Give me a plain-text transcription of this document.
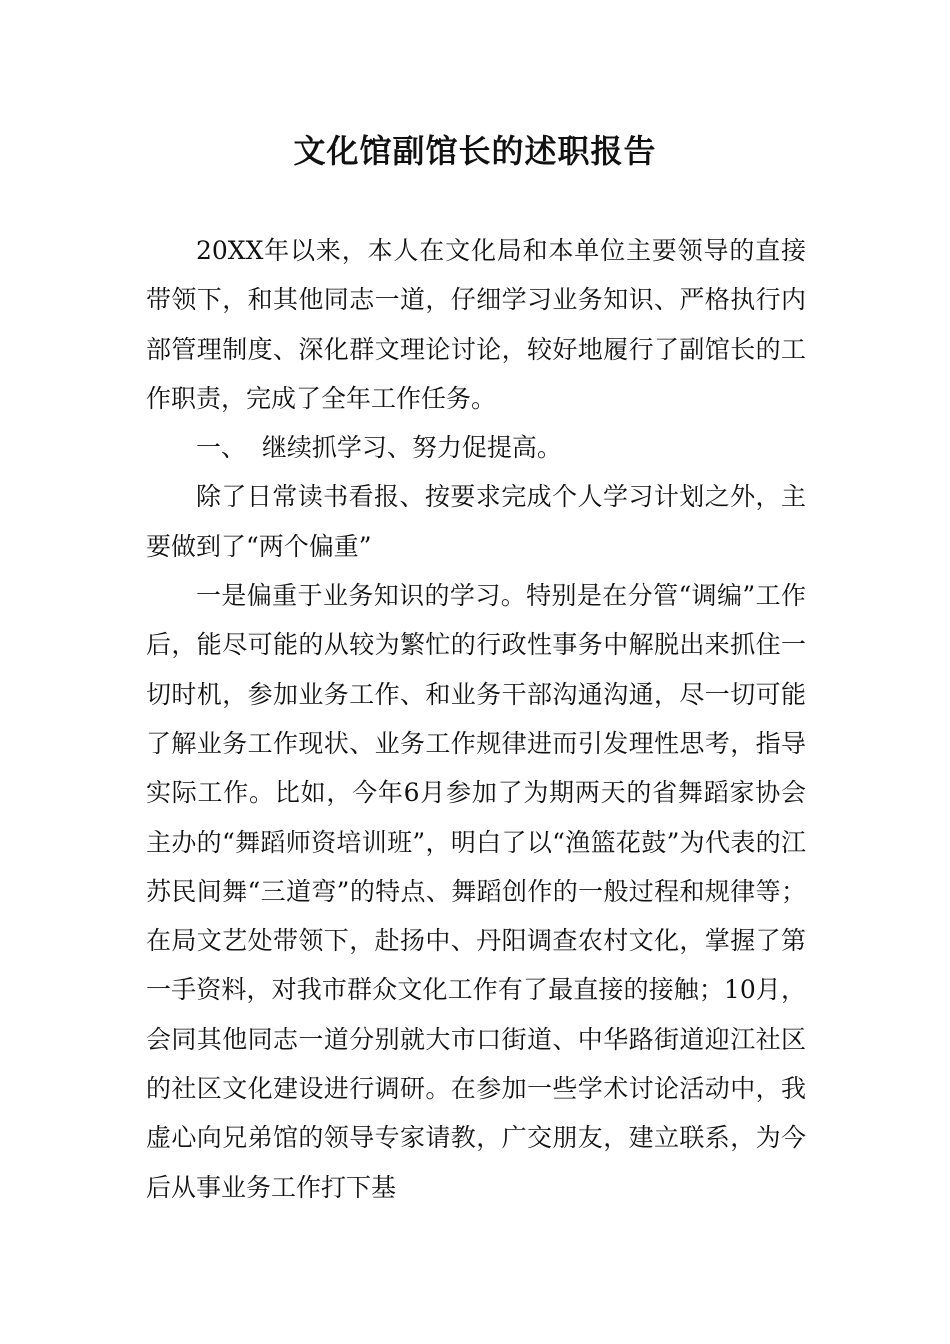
文化馆副馆长的述职报告

20XX年以来，本人在文化局和本单位主要领导的直接带领下，和其他同志一道，仔细学习业务知识、严格执行内部管理制度、深化群文理论讨论，较好地履行了副馆长的工作职责，完成了全年工作任务。

一、  继续抓学习、努力促提高。

除了日常读书看报、按要求完成个人学习计划之外，主要做到了“两个偏重”

一是偏重于业务知识的学习。特别是在分管“调编”工作后，能尽可能的从较为繁忙的行政性事务中解脱出来抓住一切时机，参加业务工作、和业务干部沟通沟通，尽一切可能了解业务工作现状、业务工作规律进而引发理性思考，指导实际工作。比如，今年6月参加了为期两天的省舞蹈家协会主办的“舞蹈师资培训班”，明白了以“渔篮花鼓”为代表的江苏民间舞“三道弯”的特点、舞蹈创作的一般过程和规律等；在局文艺处带领下，赴扬中、丹阳调查农村文化，掌握了第一手资料，对我市群众文化工作有了最直接的接触；10月，会同其他同志一道分别就大市口街道、中华路街道迎江社区的社区文化建设进行调研。在参加一些学术讨论活动中，我虚心向兄弟馆的领导专家请教，广交朋友，建立联系，为今后从事业务工作打下基
